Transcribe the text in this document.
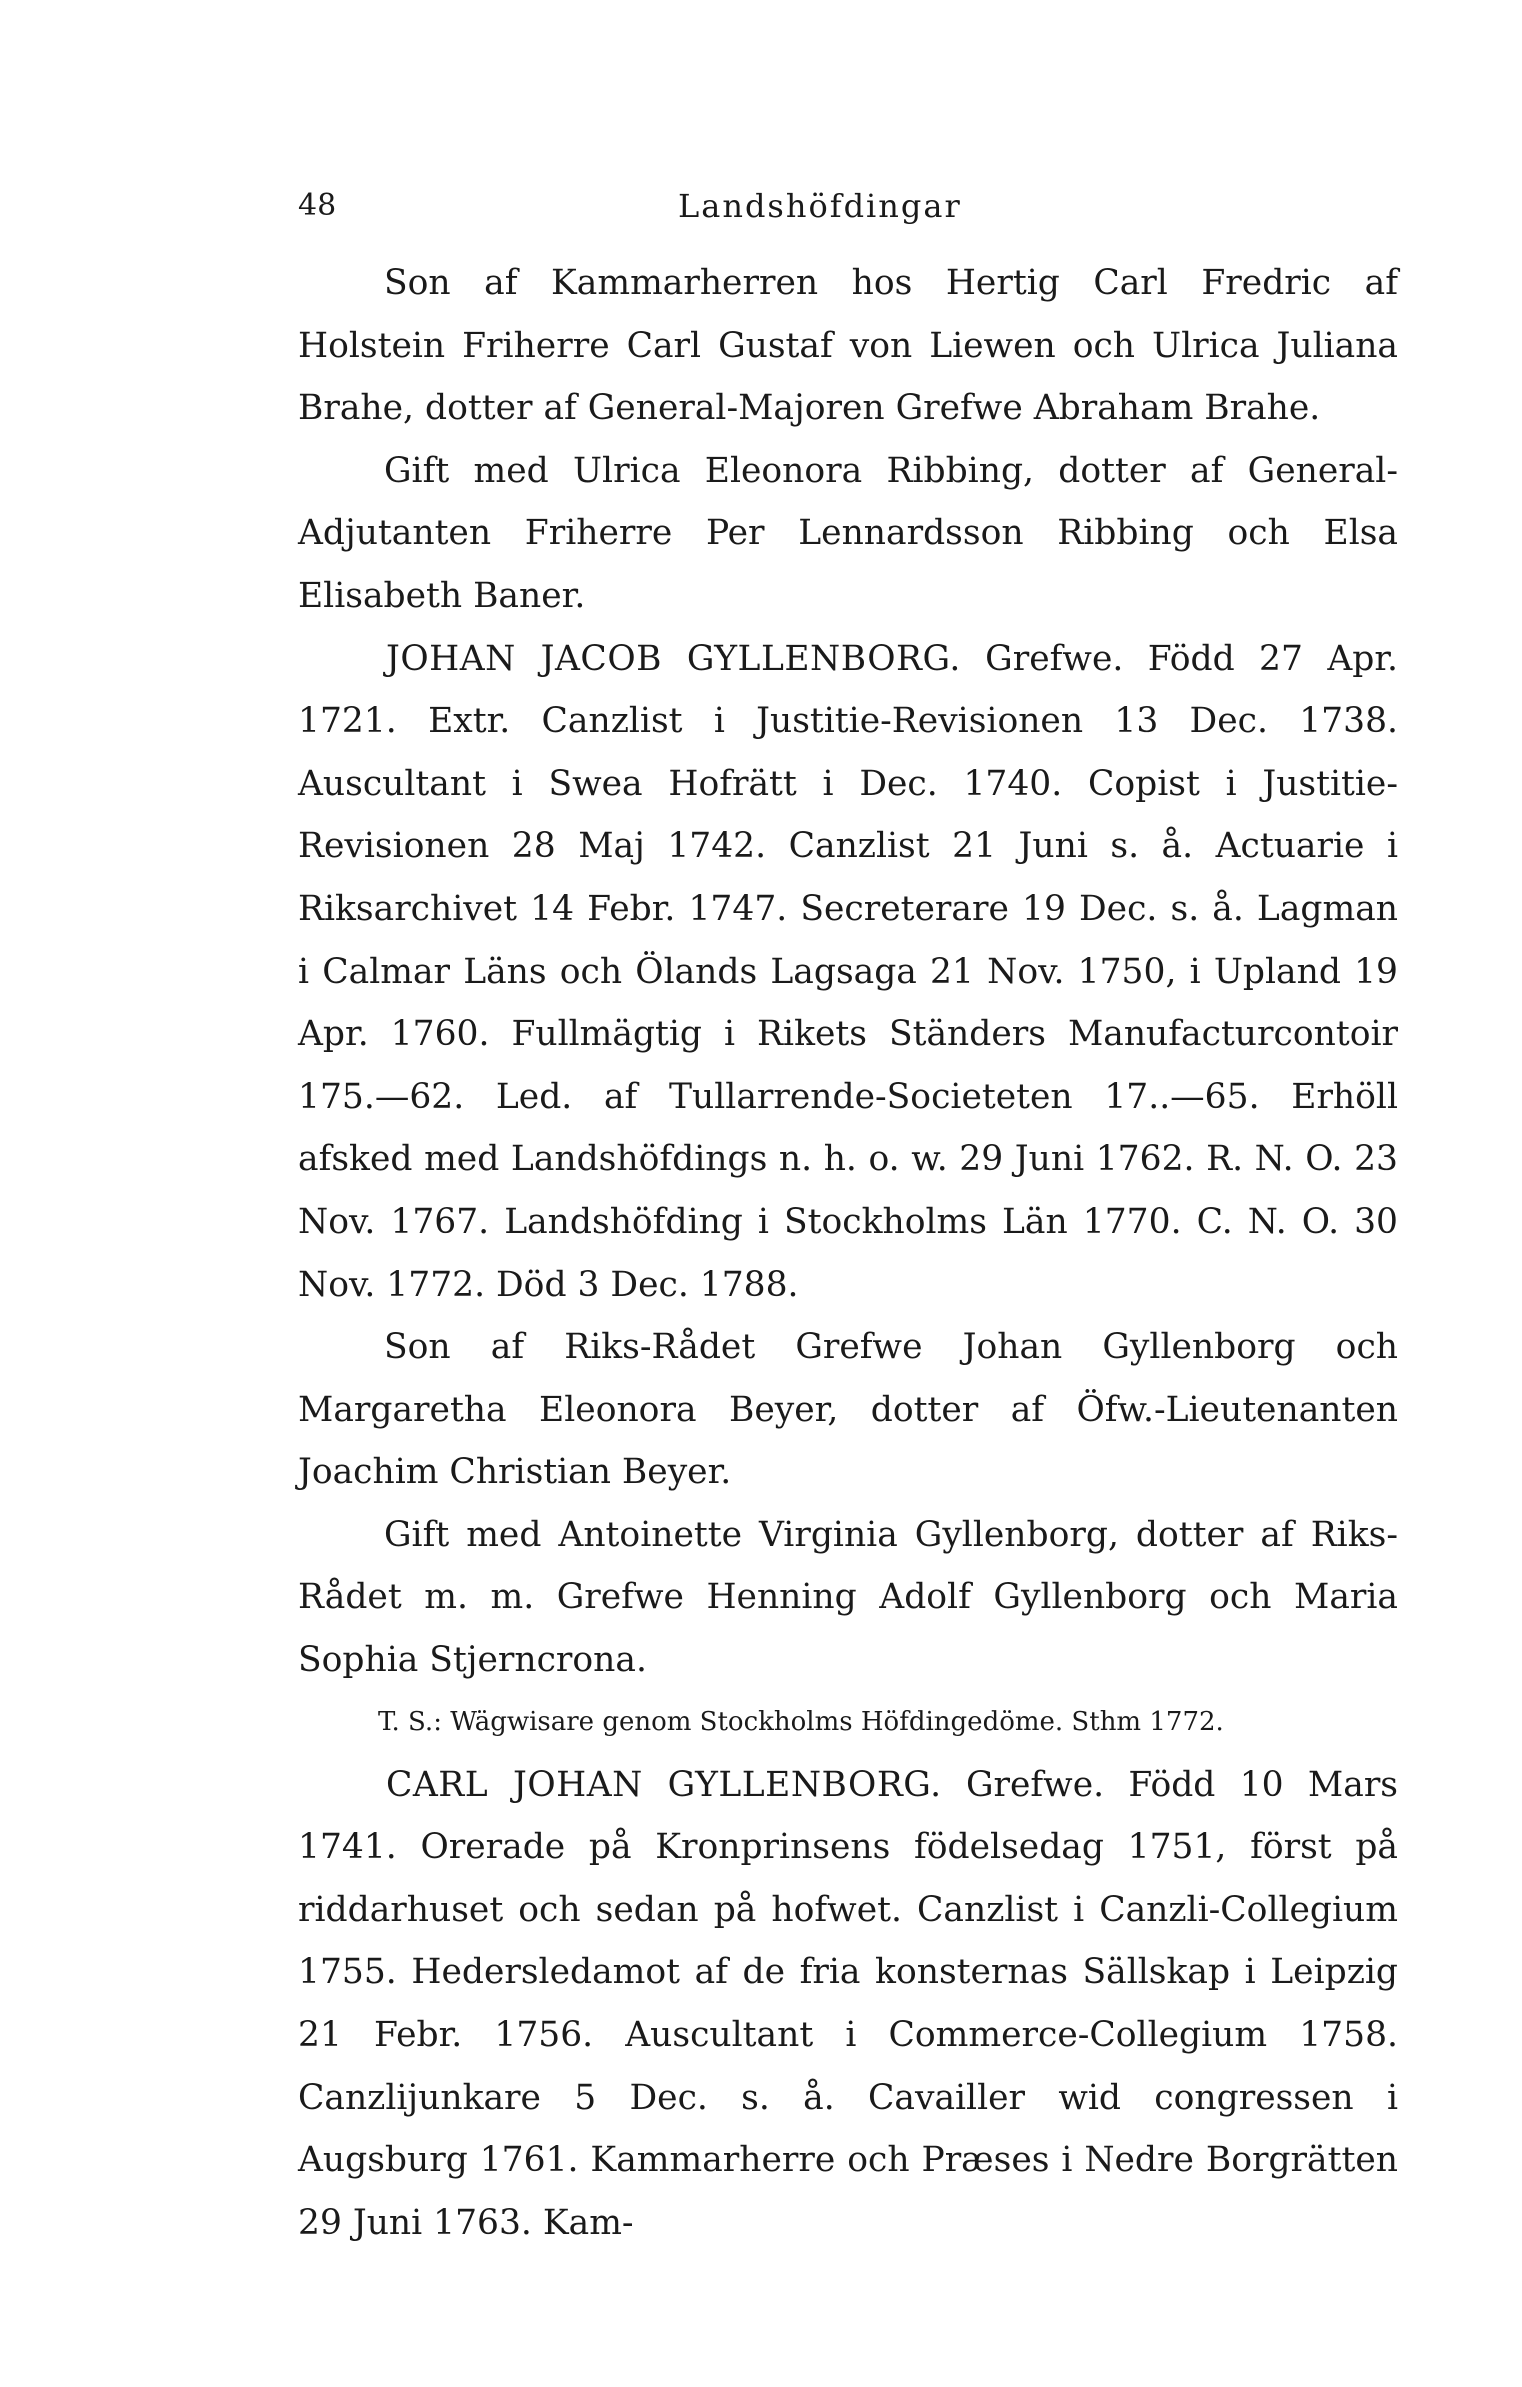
48	Landshöfdingar

Son af Kammarherren hos Hertig Carl Fredric af Holstein Friherre Carl Gustaf von Liewen och Ulrica Juliana Brahe, dotter af General-Majoren Grefwe Abraham Brahe.

Gift med Ulrica Eleonora Ribbing, dotter af General-Adjutanten Friherre Per Lennardsson Ribbing och Elsa Elisabeth Baner.

JOHAN JACOB GYLLENBORG. Grefwe. Född 27 Apr. 1721. Extr. Canzlist i Justitie-Revisionen 13 Dec. 1738. Auscultant i Swea Hofrätt i Dec. 1740. Copist i Justitie-Revisionen 28 Maj 1742. Canzlist 21 Juni s. å. Actuarie i Riksarchivet 14 Febr. 1747. Secreterare 19 Dec. s. å. Lagman i Calmar Läns och Ölands Lagsaga 21 Nov. 1750, i Upland 19 Apr. 1760. Fullmägtig i Rikets Ständers Manufacturcontoir 175.—62. Led. af Tullarrende-Societeten 17..—65. Erhöll afsked med Landshöfdings n. h. o. w. 29 Juni 1762. R. N. O. 23 Nov. 1767. Landshöfding i Stockholms Län 1770. C. N. O. 30 Nov. 1772. Död 3 Dec. 1788.

Son af Riks-Rådet Grefwe Johan Gyllenborg och Margaretha Eleonora Beyer, dotter af Öfw.-Lieutenanten Joachim Christian Beyer.

Gift med Antoinette Virginia Gyllenborg, dotter af Riks-Rådet m. m. Grefwe Henning Adolf Gyllenborg och Maria Sophia Stjerncrona.

T. S.: Wägwisare genom Stockholms Höfdingedöme. Sthm 1772.

CARL JOHAN GYLLENBORG. Grefwe. Född 10 Mars 1741. Orerade på Kronprinsens födelsedag 1751, först på riddarhuset och sedan på hofwet. Canzlist i Canzli-Collegium 1755. Hedersledamot af de fria konsternas Sällskap i Leipzig 21 Febr. 1756. Auscultant i Commerce-Collegium 1758. Canzlijunkare 5 Dec. s. å. Cavailler wid congressen i Augsburg 1761. Kammarherre och Præses i Nedre Borgrätten 29 Juni 1763. Kam-
